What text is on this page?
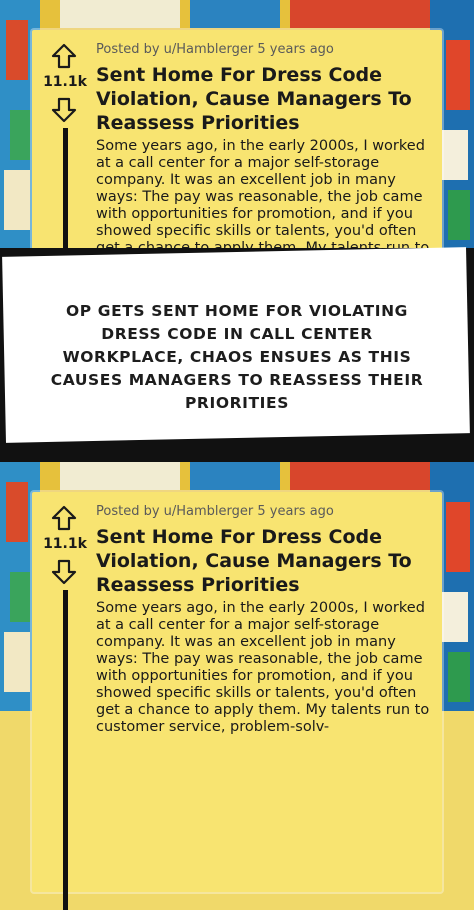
11.1k
Posted by u/Hamblerger 5 years ago
Sent Home For Dress Code Violation, Cause Managers To Reassess Priorities

Some years ago, in the early 2000s, I worked at a call center for a major self-storage company. It was an excellent job in many ways: The pay was reasonable, the job came with opportunities for promotion, and if you showed specific skills or talents, you'd often

OP GETS SENT HOME FOR VIOLATING DRESS CODE IN CALL CENTER WORKPLACE, CHAOS ENSUES AS THIS CAUSES MANAGERS TO REASSESS THEIR PRIORITIES
11.1k
Posted by u/Hamblerger 5 years ago
Sent Home For Dress Code Violation, Cause Managers To Reassess Priorities

Some years ago, in the early 2000s, I worked at a call center for a major self-storage company. It was an excellent job in many ways: The pay was reasonable, the job came with opportunities for promotion, and if you showed specific skills or talents, you'd often get a chance to apply them. My talents run to customer service, problem-solv-
